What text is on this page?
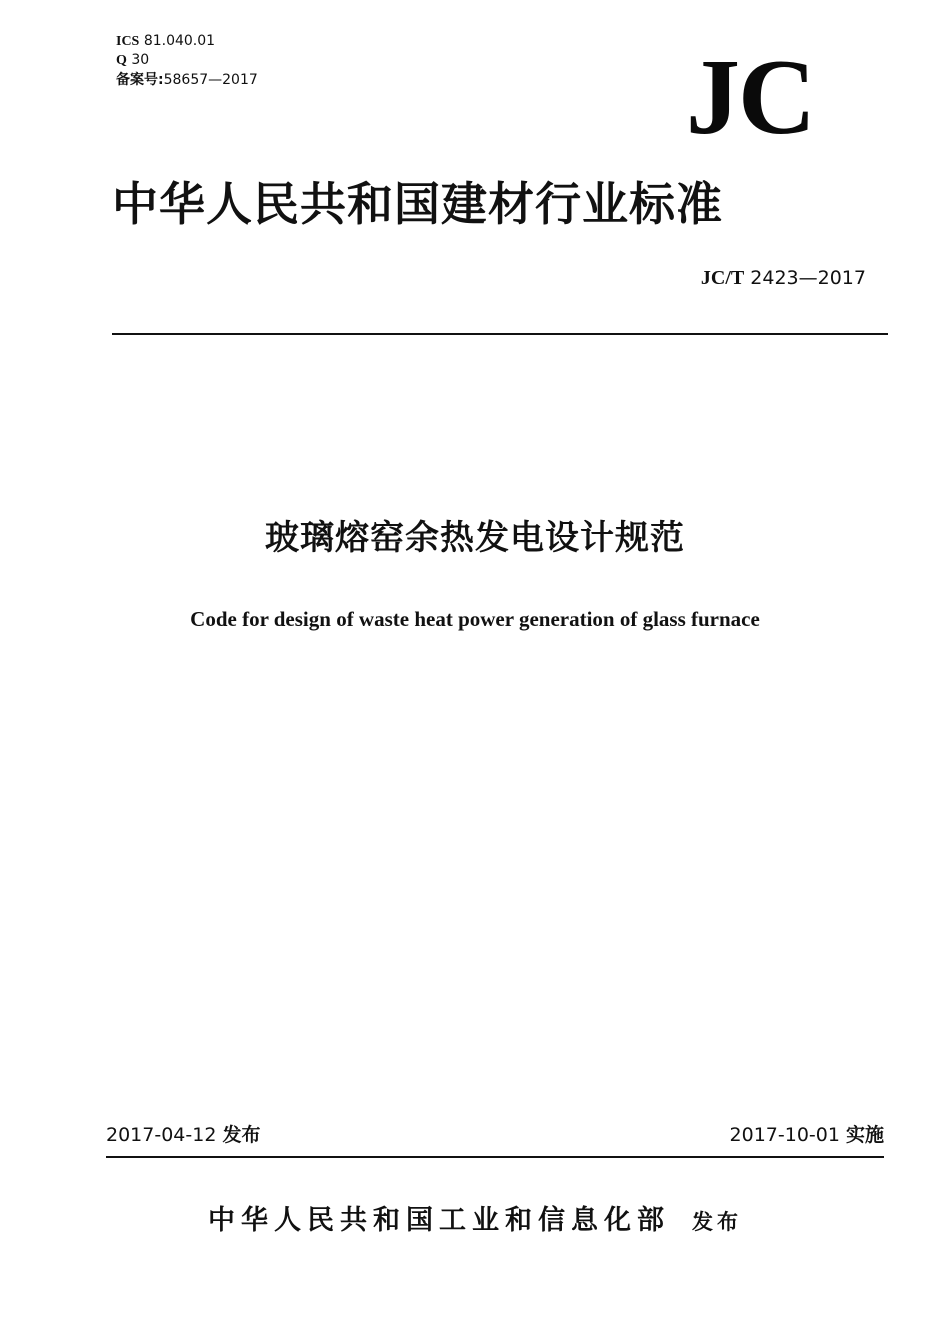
ICS 81.040.01
Q 30
备案号:58657—2017	JC
中华人民共和国建材行业标准
JC/T 2423—2017
玻璃熔窑余热发电设计规范
Code for design of waste heat power generation of glass furnace
2017-04-12 发布	2017-10-01 实施
中华人民共和国工业和信息化部 发布
